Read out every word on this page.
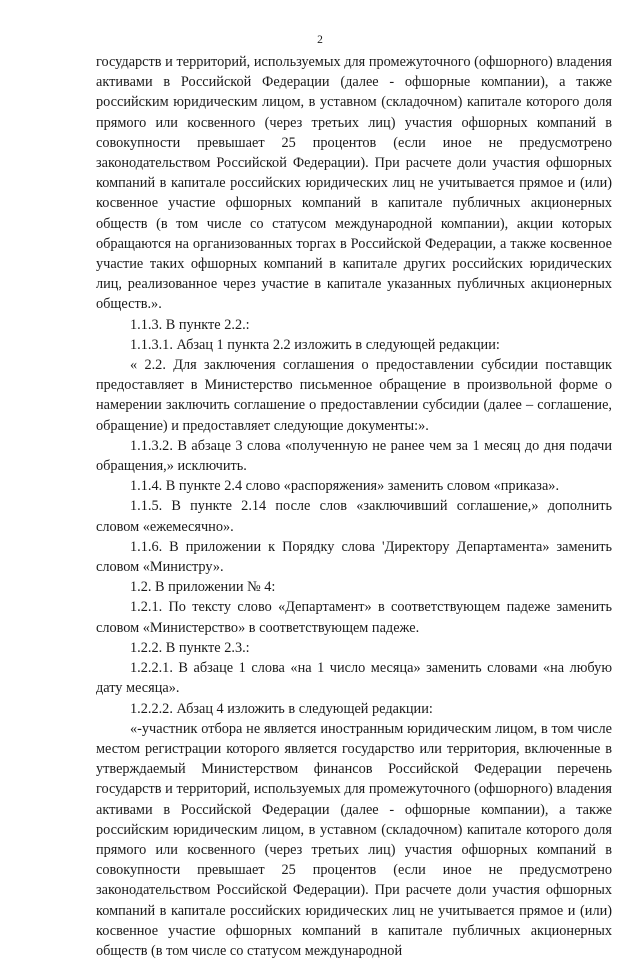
2

государств и территорий, используемых для промежуточного (офшорного) владения активами в Российской Федерации (далее - офшорные компании), а также российским юридическим лицом, в уставном (складочном) капитале которого доля прямого или косвенного (через третьих лиц) участия офшорных компаний в совокупности превышает 25 процентов (если иное не предусмотрено законодательством Российской Федерации). При расчете доли участия офшорных компаний в капитале российских юридических лиц не учитывается прямое и (или) косвенное участие офшорных компаний в капитале публичных акционерных обществ (в том числе со статусом международной компании), акции которых обращаются на организованных торгах в Российской Федерации, а также косвенное участие таких офшорных компаний в капитале других российских юридических лиц, реализованное через участие в капитале указанных публичных акционерных обществ.».

1.1.3. В пункте 2.2.:

1.1.3.1. Абзац 1 пункта 2.2 изложить в следующей редакции:

« 2.2. Для заключения соглашения о предоставлении субсидии поставщик предоставляет в Министерство письменное обращение в произвольной форме о намерении заключить соглашение о предоставлении субсидии (далее – соглашение, обращение) и предоставляет следующие документы:».

1.1.3.2. В абзаце 3 слова «полученную не ранее чем за 1 месяц до дня подачи обращения,» исключить.

1.1.4. В пункте 2.4 слово «распоряжения» заменить словом «приказа».

1.1.5. В пункте 2.14 после слов «заключивший соглашение,» дополнить словом «ежемесячно».

1.1.6. В приложении к Порядку слова 'Директору Департамента» заменить словом «Министру».

1.2. В приложении № 4:

1.2.1. По тексту слово «Департамент» в соответствующем падеже заменить словом «Министерство» в соответствующем падеже.

1.2.2. В пункте 2.3.:

1.2.2.1. В абзаце 1 слова «на 1 число месяца» заменить словами «на любую дату месяца».

1.2.2.2. Абзац 4 изложить в следующей редакции:

«-участник отбора не является иностранным юридическим лицом, в том числе местом регистрации которого является государство или территория, включенные в утверждаемый Министерством финансов Российской Федерации перечень государств и территорий, используемых для промежуточного (офшорного) владения активами в Российской Федерации (далее - офшорные компании), а также российским юридическим лицом, в уставном (складочном) капитале которого доля прямого или косвенного (через третьих лиц) участия офшорных компаний в совокупности превышает 25 процентов (если иное не предусмотрено законодательством Российской Федерации). При расчете доли участия офшорных компаний в капитале российских юридических лиц не учитывается прямое и (или) косвенное участие офшорных компаний в капитале публичных акционерных обществ (в том числе со статусом международной
